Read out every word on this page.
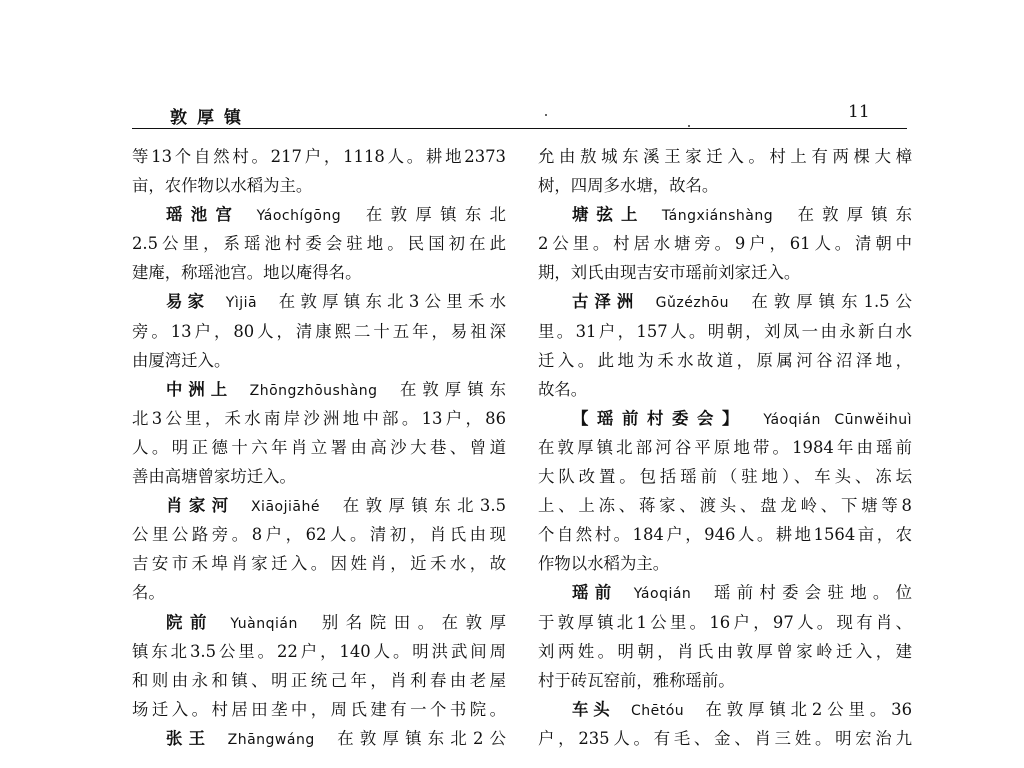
敦厚镇	11
等13个自然村。217户，1118人。耕地2373
亩，农作物以水稻为主。
瑶池宫  Yáochígōng  在敦厚镇东北
2.5公里，系瑶池村委会驻地。民国初在此
建庵，称瑶池宫。地以庵得名。
易家  Yìjiā  在敦厚镇东北3公里禾水
旁。13户，80人，清康熙二十五年，易祖深
由厦湾迁入。
中洲上  Zhōngzhōushàng  在敦厚镇东
北3公里，禾水南岸沙洲地中部。13户，86
人。明正德十六年肖立署由高沙大巷、曾道
善由高塘曾家坊迁入。
肖家河  Xiāojiāhé  在敦厚镇东北3.5
公里公路旁。8户，62人。清初，肖氏由现
吉安市禾埠肖家迁入。因姓肖，近禾水，故
名。
院前  Yuànqián  别名院田。在敦厚
镇东北3.5公里。22户，140人。明洪武间周
和则由永和镇、明正统己年，肖利春由老屋
场迁入。村居田垄中，周氏建有一个书院。
张王  Zhāngwáng  在敦厚镇东北2公
允由敖城东溪王家迁入。村上有两棵大樟
树，四周多水塘，故名。
塘弦上  Tángxiánshàng  在敦厚镇东
2公里。村居水塘旁。9户，61人。清朝中
期，刘氏由现吉安市瑶前刘家迁入。
古泽洲  Gǔzézhōu  在敦厚镇东1.5公
里。31户，157人。明朝，刘凤一由永新白水
迁入。此地为禾水故道，原属河谷沼泽地，
故名。
【瑶前村委会】  Yáoqián Cūnwěihuì
在敦厚镇北部河谷平原地带。1984年由瑶前
大队改置。包括瑶前（驻地）、车头、冻坛
上、上冻、蒋家、渡头、盘龙岭、下塘等8
个自然村。184户，946人。耕地1564亩，农
作物以水稻为主。
瑶前  Yáoqián  瑶前村委会驻地。位
于敦厚镇北1公里。16户，97人。现有肖、
刘两姓。明朝，肖氏由敦厚曾家岭迁入，建
村于砖瓦窑前，雅称瑶前。
车头  Chētóu  在敦厚镇北2公里。36
户，235人。有毛、金、肖三姓。明宏治九
